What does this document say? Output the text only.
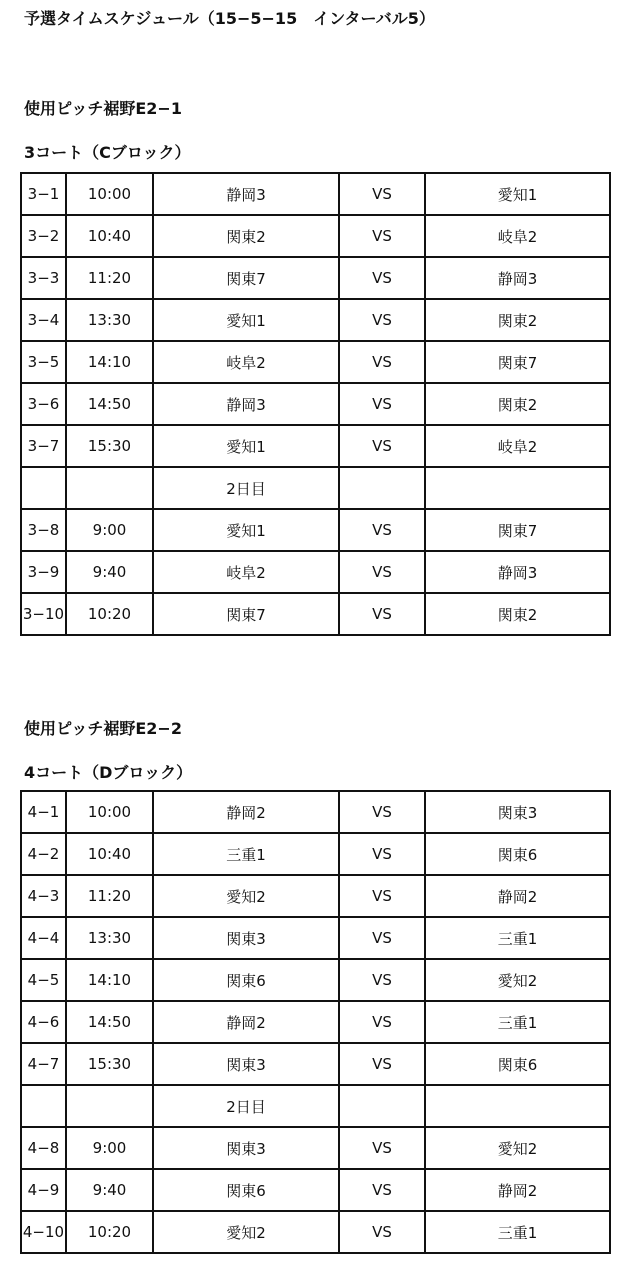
予選タイムスケジュール（15−5−15　インターバル5）
使用ピッチ裾野E2−1
3コート（Cブロック）
3−1	10:00	静岡3	VS	愛知1
3−2	10:40	関東2	VS	岐阜2
3−3	11:20	関東7	VS	静岡3
3−4	13:30	愛知1	VS	関東2
3−5	14:10	岐阜2	VS	関東7
3−6	14:50	静岡3	VS	関東2
3−7	15:30	愛知1	VS	岐阜2
		2日目		
3−8	9:00	愛知1	VS	関東7
3−9	9:40	岐阜2	VS	静岡3
3−10	10:20	関東7	VS	関東2
使用ピッチ裾野E2−2
4コート（Dブロック）
4−1	10:00	静岡2	VS	関東3
4−2	10:40	三重1	VS	関東6
4−3	11:20	愛知2	VS	静岡2
4−4	13:30	関東3	VS	三重1
4−5	14:10	関東6	VS	愛知2
4−6	14:50	静岡2	VS	三重1
4−7	15:30	関東3	VS	関東6
		2日目		
4−8	9:00	関東3	VS	愛知2
4−9	9:40	関東6	VS	静岡2
4−10	10:20	愛知2	VS	三重1
